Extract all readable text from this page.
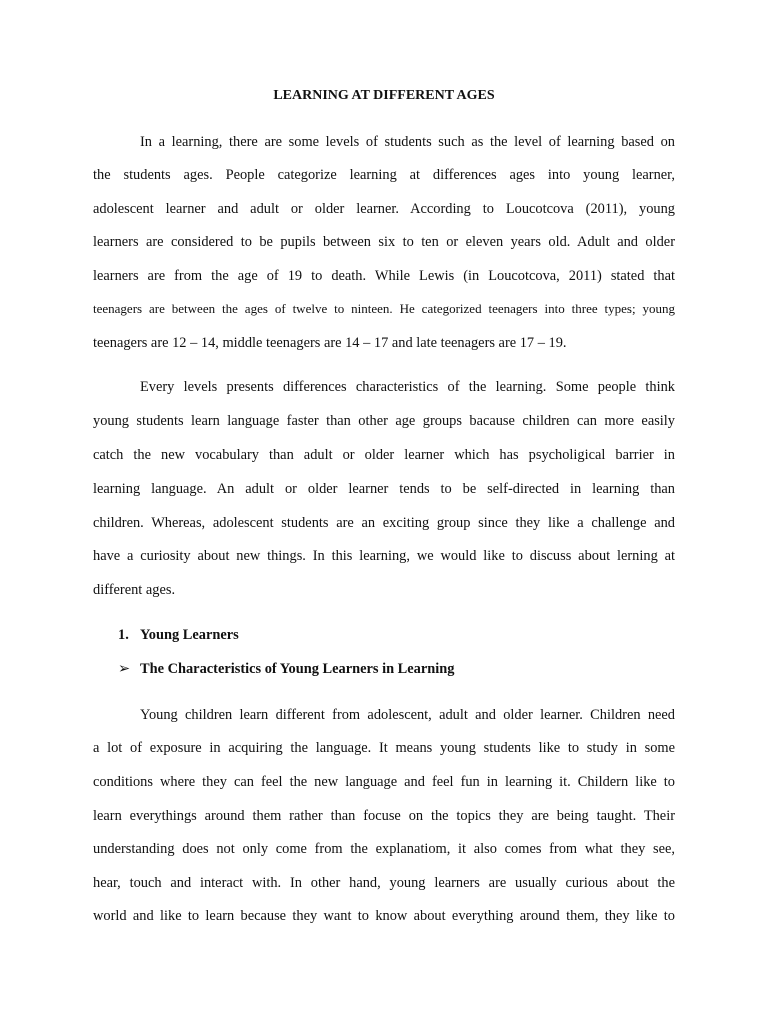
LEARNING AT DIFFERENT AGES
In a learning, there are some levels of students such as the level of learning based on
the students ages. People categorize learning at differences ages into young learner,
adolescent learner and adult or older learner. According to Loucotcova (2011), young
learners are considered to be pupils between six to ten or eleven years old. Adult and older
learners are from the age of 19 to death. While Lewis (in Loucotcova, 2011) stated that
teenagers are between the ages of twelve to ninteen. He categorized teenagers into three types; young
teenagers are 12 – 14, middle teenagers are 14 – 17 and late teenagers are 17 – 19.
Every levels presents differences characteristics of the learning. Some people think
young students learn language faster than other age groups bacause children can more easily
catch the new vocabulary than adult or older learner which has psycholigical barrier in
learning language. An adult or older learner tends to be self-directed in learning than
children. Whereas, adolescent students are an exciting group since they like a challenge and
have a curiosity about new things. In this learning, we would like to discuss about lerning at
different ages.
1. Young Learners
➢ The Characteristics of Young Learners in Learning
Young children learn different from adolescent, adult and older learner. Children need
a lot of exposure in acquiring the language. It means young students like to study in some
conditions where they can feel the new language and feel fun in learning it. Childern like to
learn everythings around them rather than focuse on the topics they are being taught. Their
understanding does not only come from the explanatiom, it also comes from what they see,
hear, touch and interact with. In other hand, young learners are usually curious about the
world and like to learn because they want to know about everything around them, they like to
